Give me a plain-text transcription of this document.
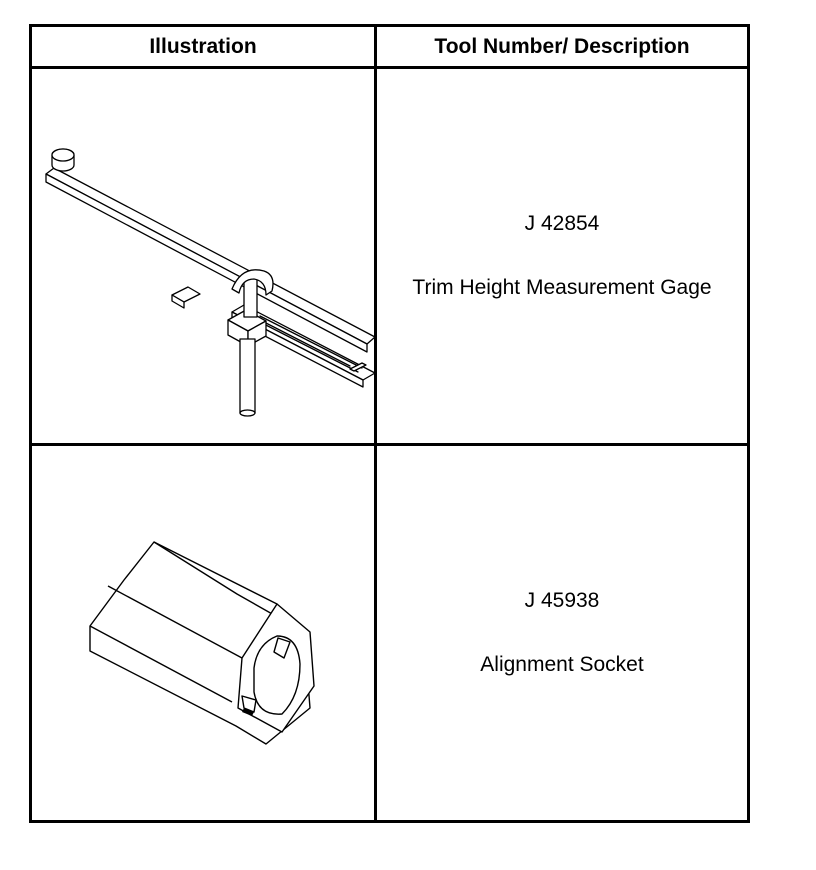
Illustration	Tool Number/ Description

J 42854
Trim Height Measurement Gage

J 45938
Alignment Socket
